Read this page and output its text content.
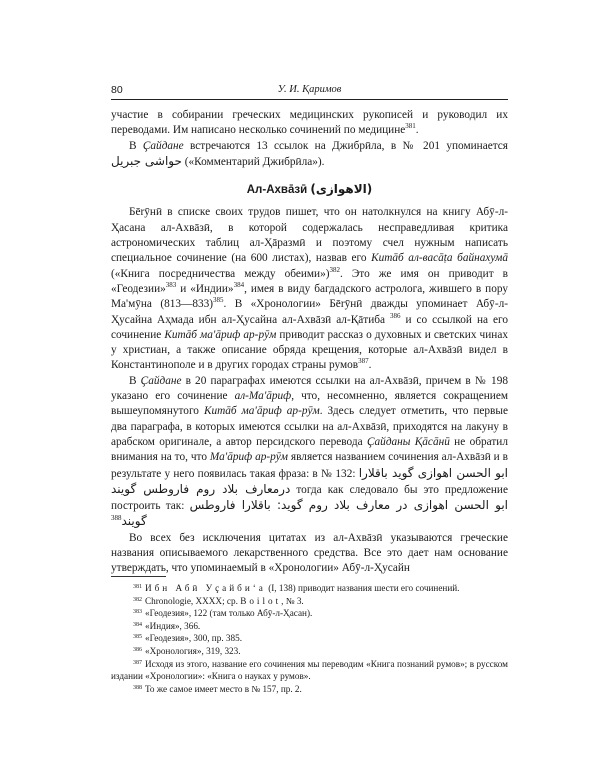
80	У. И. Қаримов

участие в собирании греческих медицинских рукописей и руководил их переводами. Им написано несколько сочинений по медицине$^{381}$.

В Ҫайдане встречаются 13 ссылок на Джибрӣла, в № 201 упоминается حواشی جبریل («Комментарий Джибрӣла»).

Ал-Ахвāзӣ (الاهوازى)

Бērӯнӣ в списке своих трудов пишет, что он натолкнулся на книгу Абӯ-л-Ҳасана ал-Ахвāзӣ, в которой содержалась несправедливая критика астрономических таблиц ал-Ҳāразмӣ и поэтому счел нужным написать специальное сочинение (на 600 листах), назвав его Китāб ал-васāṭа байнахумā («Книга посредничества между обеими»)$^{382}$. Это же имя он приводит в «Геодезии»$^{383}$ и «Индии»$^{384}$, имея в виду багдадского астролога, жившего в пору Ма'мӯна (813—833)$^{385}$. В «Хронологии» Бērӯнӣ дважды упоминает Абӯ-л-Ҳусайна Аҳмада ибн ал-Ҳусайна ал-Ахвāзӣ ал-Қāтиба $^{386}$ и со ссылкой на его сочинение Китāб ма'āриф ар-рӯм приводит рассказ о духовных и светских чинах у христиан, а также описание обряда крещения, которые ал-Ахвāзӣ видел в Константинополе и в других городах страны румов$^{387}$.

В Ҫайдане в 20 параграфах имеются ссылки на ал-Ахвāзӣ, причем в № 198 указано его сочинение ал-Ма'āриф, что, несомненно, является сокращением вышеупомянутого Китāб ма'āриф ар-рӯм. Здесь следует отметить, что первые два параграфа, в которых имеются ссылки на ал-Ахвāзӣ, приходятся на лакуну в арабском оригинале, а автор персидского перевода Ҫайданы Қāсāнӣ не обратил внимания на то, что Ма'āриф ар-рӯм является названием сочинения ал-Ахвāзӣ и в результате у него появилась такая фраза: в № 132: ابو الحسن اهوازى گويد باقلارا درمعارف بلاد روم فاروطس گويند тогда как следовало бы это предложение построить так: ابو الحسن اهوازى در معارف بلاد روم گويد: باقلارا فاروطس گويند$^{388}$

Во всех без исключения цитатах из ал-Ахвāзӣ указываются греческие названия описываемого лекарственного средства. Все это дает нам основание утверждать, что упоминаемый в «Хронологии» Абӯ-л-Ҳусайн

$^{381}$ Ибн Абӣ Уҫайбиʻа (I, 138) приводит названия шести его сочинений.

$^{382}$ Chronologie, XXXX; ср. Boilot, № 3.

$^{383}$ «Геодезия», 122 (там только Абӯ-л-Ҳасан).

$^{384}$ «Индия», 366.

$^{385}$ «Геодезия», 300, пр. 385.

$^{386}$ «Хронология», 319, 323.

$^{387}$ Исходя из этого, название его сочинения мы переводим «Книга познаний румов»; в русском издании «Хронологии»: «Книга о науках у румов».

$^{388}$ То же самое имеет место в № 157, пр. 2.
